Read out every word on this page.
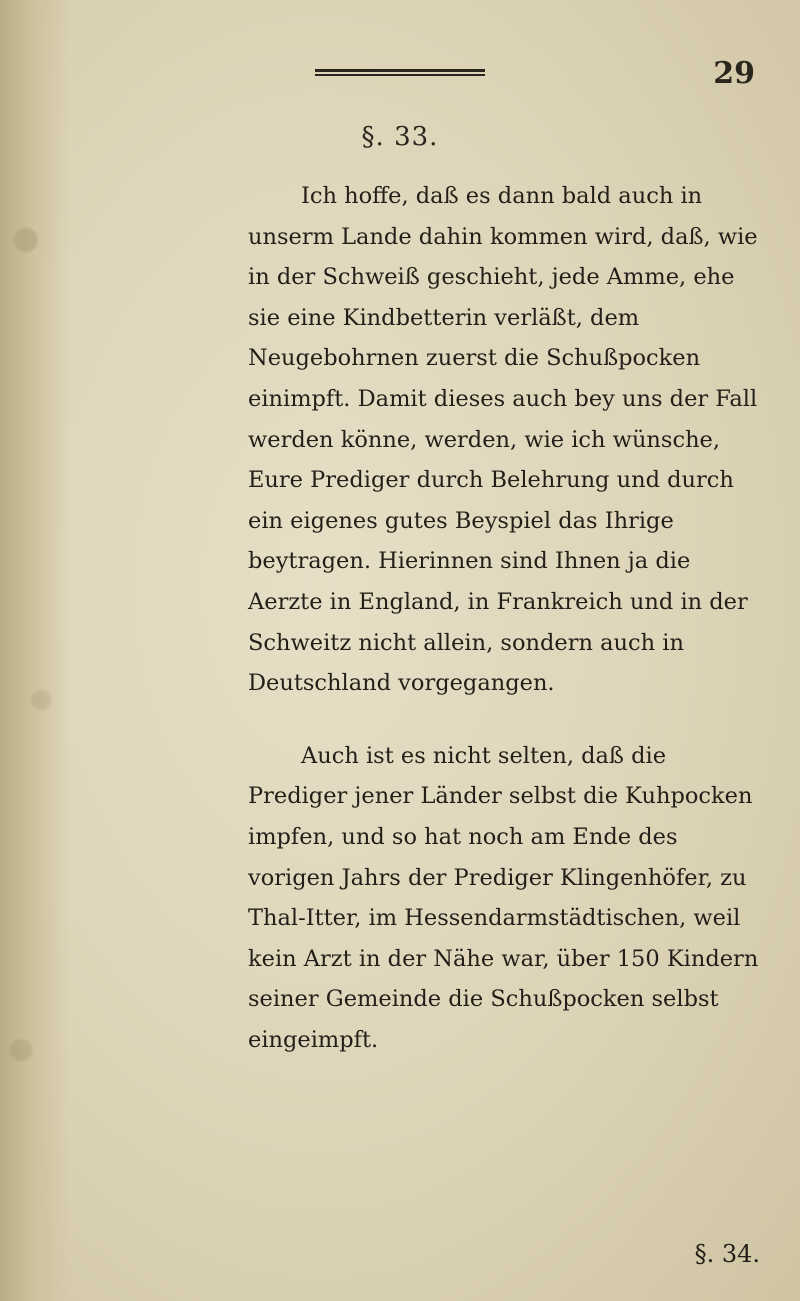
29
§. 33.

Ich hoffe, daß es dann bald auch in unserm Lande dahin kommen wird, daß, wie in der Schweiß geschieht, jede Amme, ehe sie eine Kindbetterin verläßt, dem Neugebohrnen zuerst die Schußpocken einimpft. Damit dieses auch bey uns der Fall werden könne, werden, wie ich wünsche, Eure Prediger durch Belehrung und durch ein eigenes gutes Beyspiel das Ihrige beytragen. Hierinnen sind Ihnen ja die Aerzte in England, in Frankreich und in der Schweitz nicht allein, sondern auch in Deutschland vorgegangen.

Auch ist es nicht selten, daß die Prediger jener Länder selbst die Kuhpocken impfen, und so hat noch am Ende des vorigen Jahrs der Prediger Klingenhöfer, zu Thal-Itter, im Hessendarmstädtischen, weil kein Arzt in der Nähe war, über 150 Kindern seiner Gemeinde die Schußpocken selbst eingeimpft.

§. 34.
